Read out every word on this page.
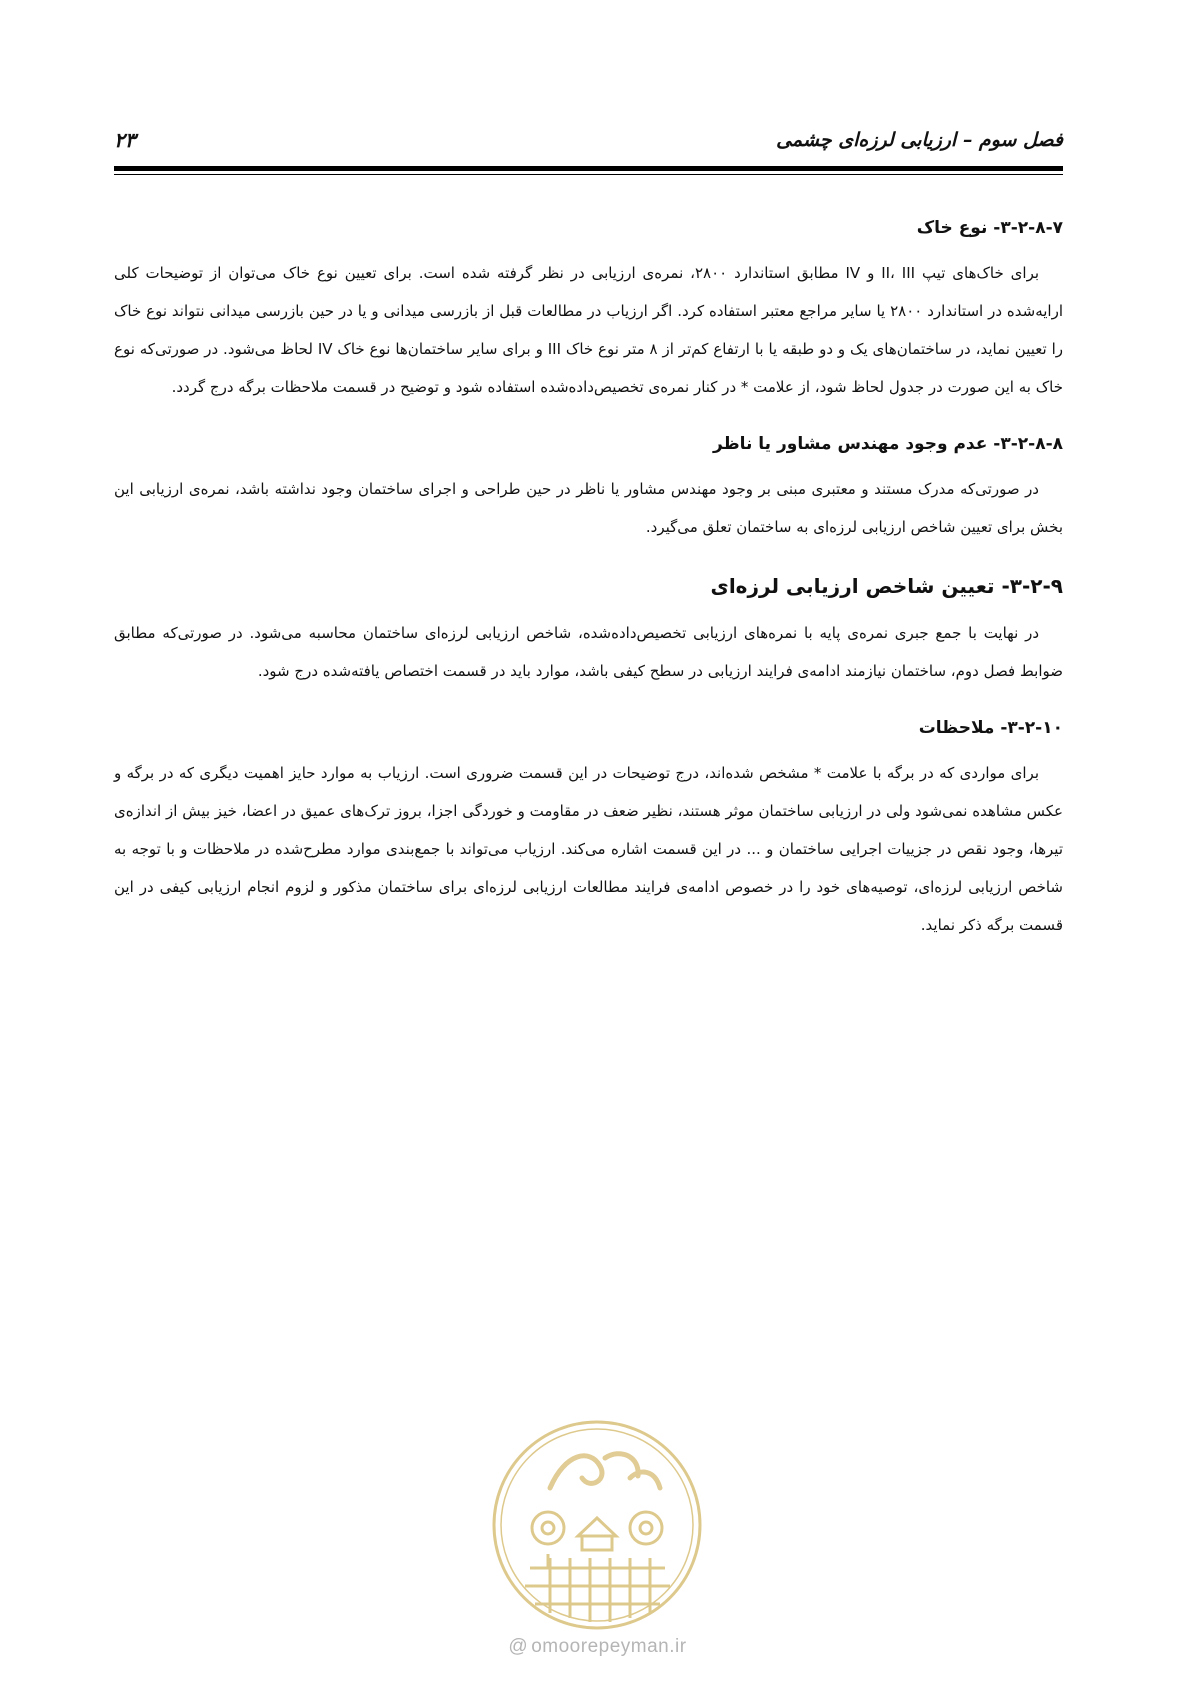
فصل سوم – ارزیابی لرزه‌ای چشمی
۲۳
۳-۲-۸-۷- نوع خاک

برای خاک‌های تیپ II، III و IV مطابق استاندارد ۲۸۰۰، نمره‌ی ارزیابی در نظر گرفته شده است. برای تعیین نوع خاک می‌توان از توضیحات کلی ارایه‌شده در استاندارد ۲۸۰۰ یا سایر مراجع معتبر استفاده کرد. اگر ارزیاب در مطالعات قبل از بازرسی میدانی و یا در حین بازرسی میدانی نتواند نوع خاک را تعیین نماید، در ساختمان‌های یک و دو طبقه یا با ارتفاع کم‌تر از ۸ متر نوع خاک III و برای سایر ساختمان‌ها نوع خاک IV لحاظ می‌شود. در صورتی‌که نوع خاک به این صورت در جدول لحاظ شود، از علامت * در کنار نمره‌ی تخصیص‌داده‌شده استفاده شود و توضیح در قسمت ملاحظات برگه درج گردد.

۳-۲-۸-۸- عدم وجود مهندس مشاور یا ناظر

در صورتی‌که مدرک مستند و معتبری مبنی بر وجود مهندس مشاور یا ناظر در حین طراحی و اجرای ساختمان وجود نداشته باشد، نمره‌ی ارزیابی این بخش برای تعیین شاخص ارزیابی لرزه‌ای به ساختمان تعلق می‌گیرد.

۳-۲-۹- تعیین شاخص ارزیابی لرزه‌ای

در نهایت با جمع جبری نمره‌ی پایه با نمره‌های ارزیابی تخصیص‌داده‌شده، شاخص ارزیابی لرزه‌ای ساختمان محاسبه می‌شود. در صورتی‌که مطابق ضوابط فصل دوم، ساختمان نیازمند ادامه‌ی فرایند ارزیابی در سطح کیفی باشد، موارد باید در قسمت اختصاص یافته‌شده درج شود.

۳-۲-۱۰- ملاحظات

برای مواردی که در برگه با علامت * مشخص شده‌اند، درج توضیحات در این قسمت ضروری است. ارزیاب به موارد حایز اهمیت دیگری که در برگه و عکس مشاهده نمی‌شود ولی در ارزیابی ساختمان موثر هستند، نظیر ضعف در مقاومت و خوردگی اجزا، بروز ترک‌های عمیق در اعضا، خیز بیش از اندازه‌ی تیرها، وجود نقص در جزییات اجرایی ساختمان و ... در این قسمت اشاره می‌کند. ارزیاب می‌تواند با جمع‌بندی موارد مطرح‌شده در ملاحظات و با توجه به شاخص ارزیابی لرزه‌ای، توصیه‌های خود را در خصوص ادامه‌ی فرایند مطالعات ارزیابی لرزه‌ای برای ساختمان مذکور و لزوم انجام ارزیابی کیفی در این قسمت برگه ذکر نماید.

@ omoorepeyman.ir
